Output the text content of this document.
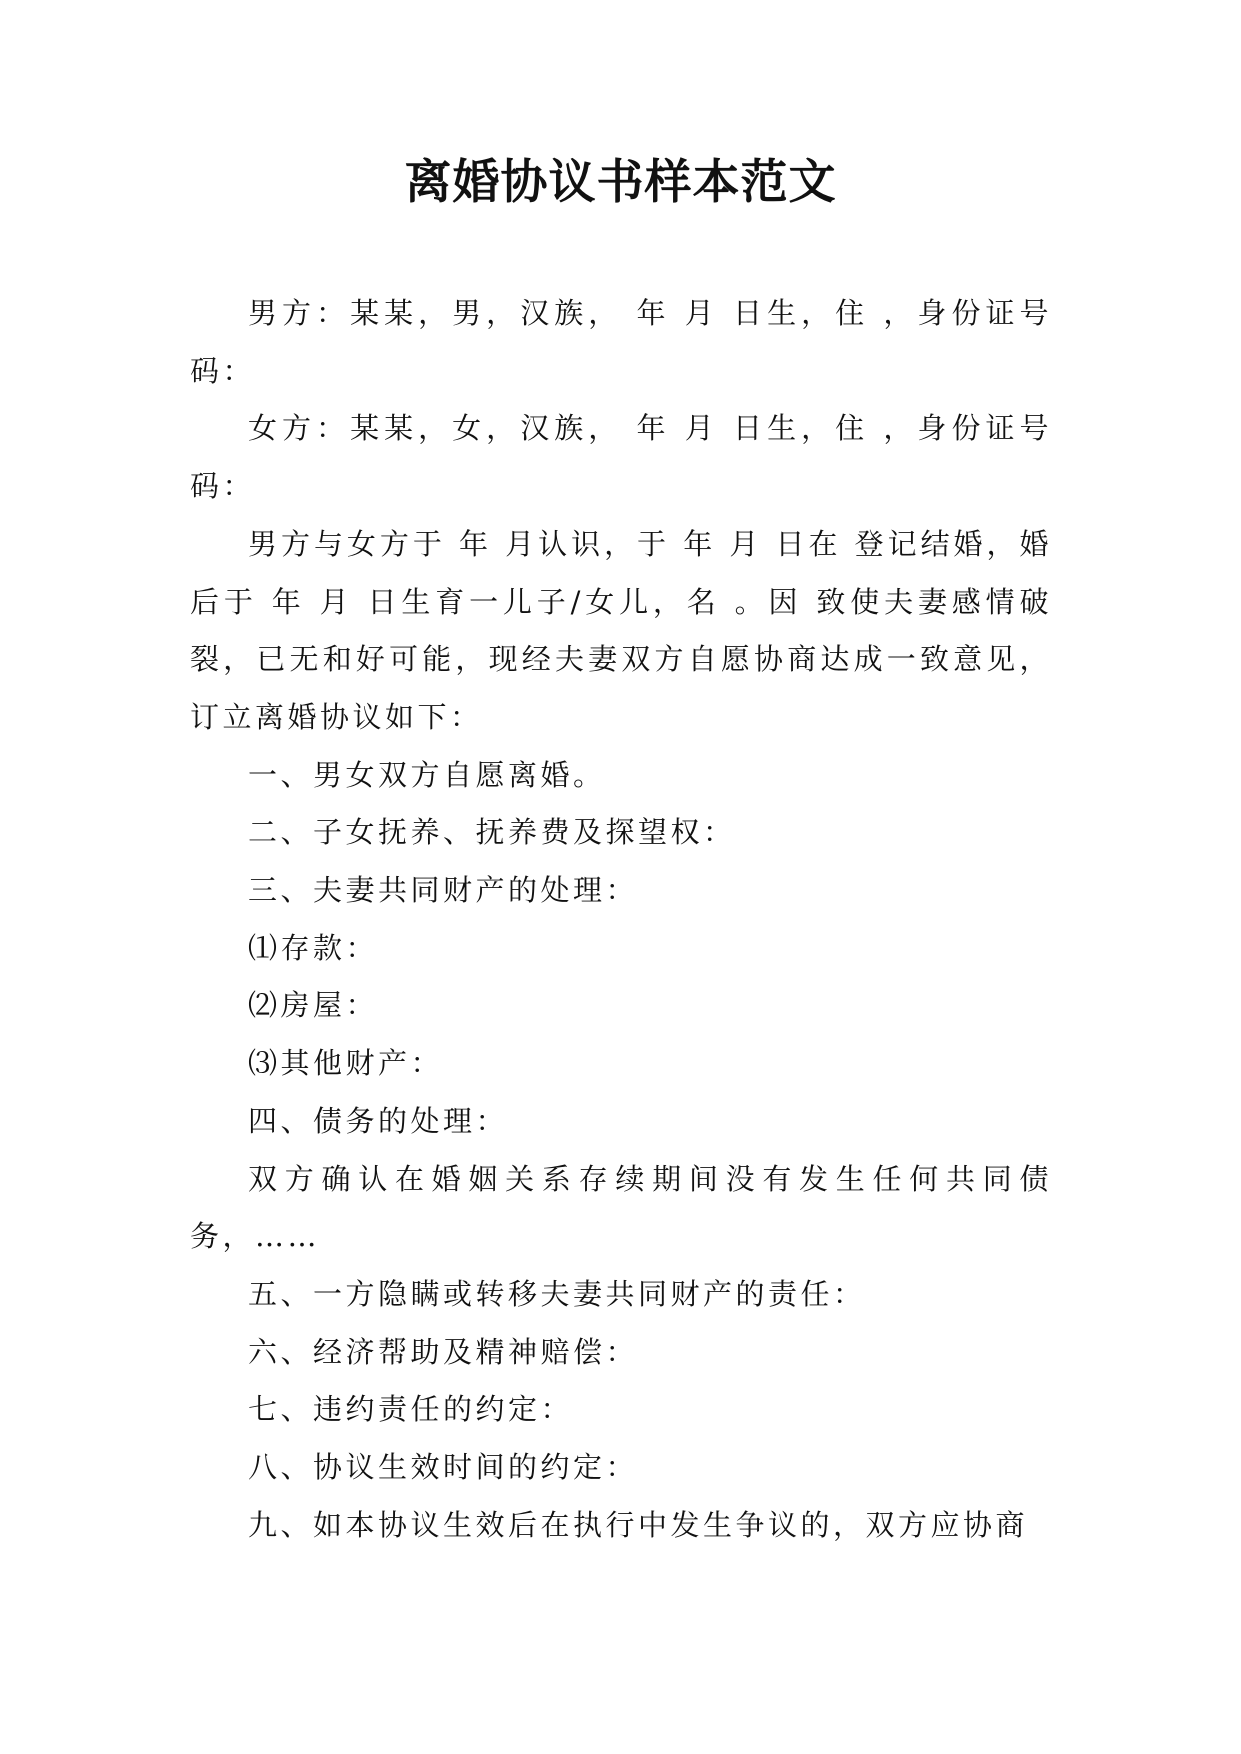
离婚协议书样本范文

男方：某某，男，汉族， 年 月 日生，住 ，身份证号码：

女方：某某，女，汉族， 年 月 日生，住 ，身份证号码：

男方与女方于 年 月认识，于 年 月 日在 登记结婚，婚后于 年 月 日生育一儿子/女儿，名 。因 致使夫妻感情破裂，已无和好可能，现经夫妻双方自愿协商达成一致意见，订立离婚协议如下：

一、男女双方自愿离婚。

二、子女抚养、抚养费及探望权：

三、夫妻共同财产的处理：

⑴存款：

⑵房屋：

⑶其他财产：

四、债务的处理：

双方确认在婚姻关系存续期间没有发生任何共同债务，……

五、一方隐瞒或转移夫妻共同财产的责任：

六、经济帮助及精神赔偿：

七、违约责任的约定：

八、协议生效时间的约定：

九、如本协议生效后在执行中发生争议的，双方应协商
